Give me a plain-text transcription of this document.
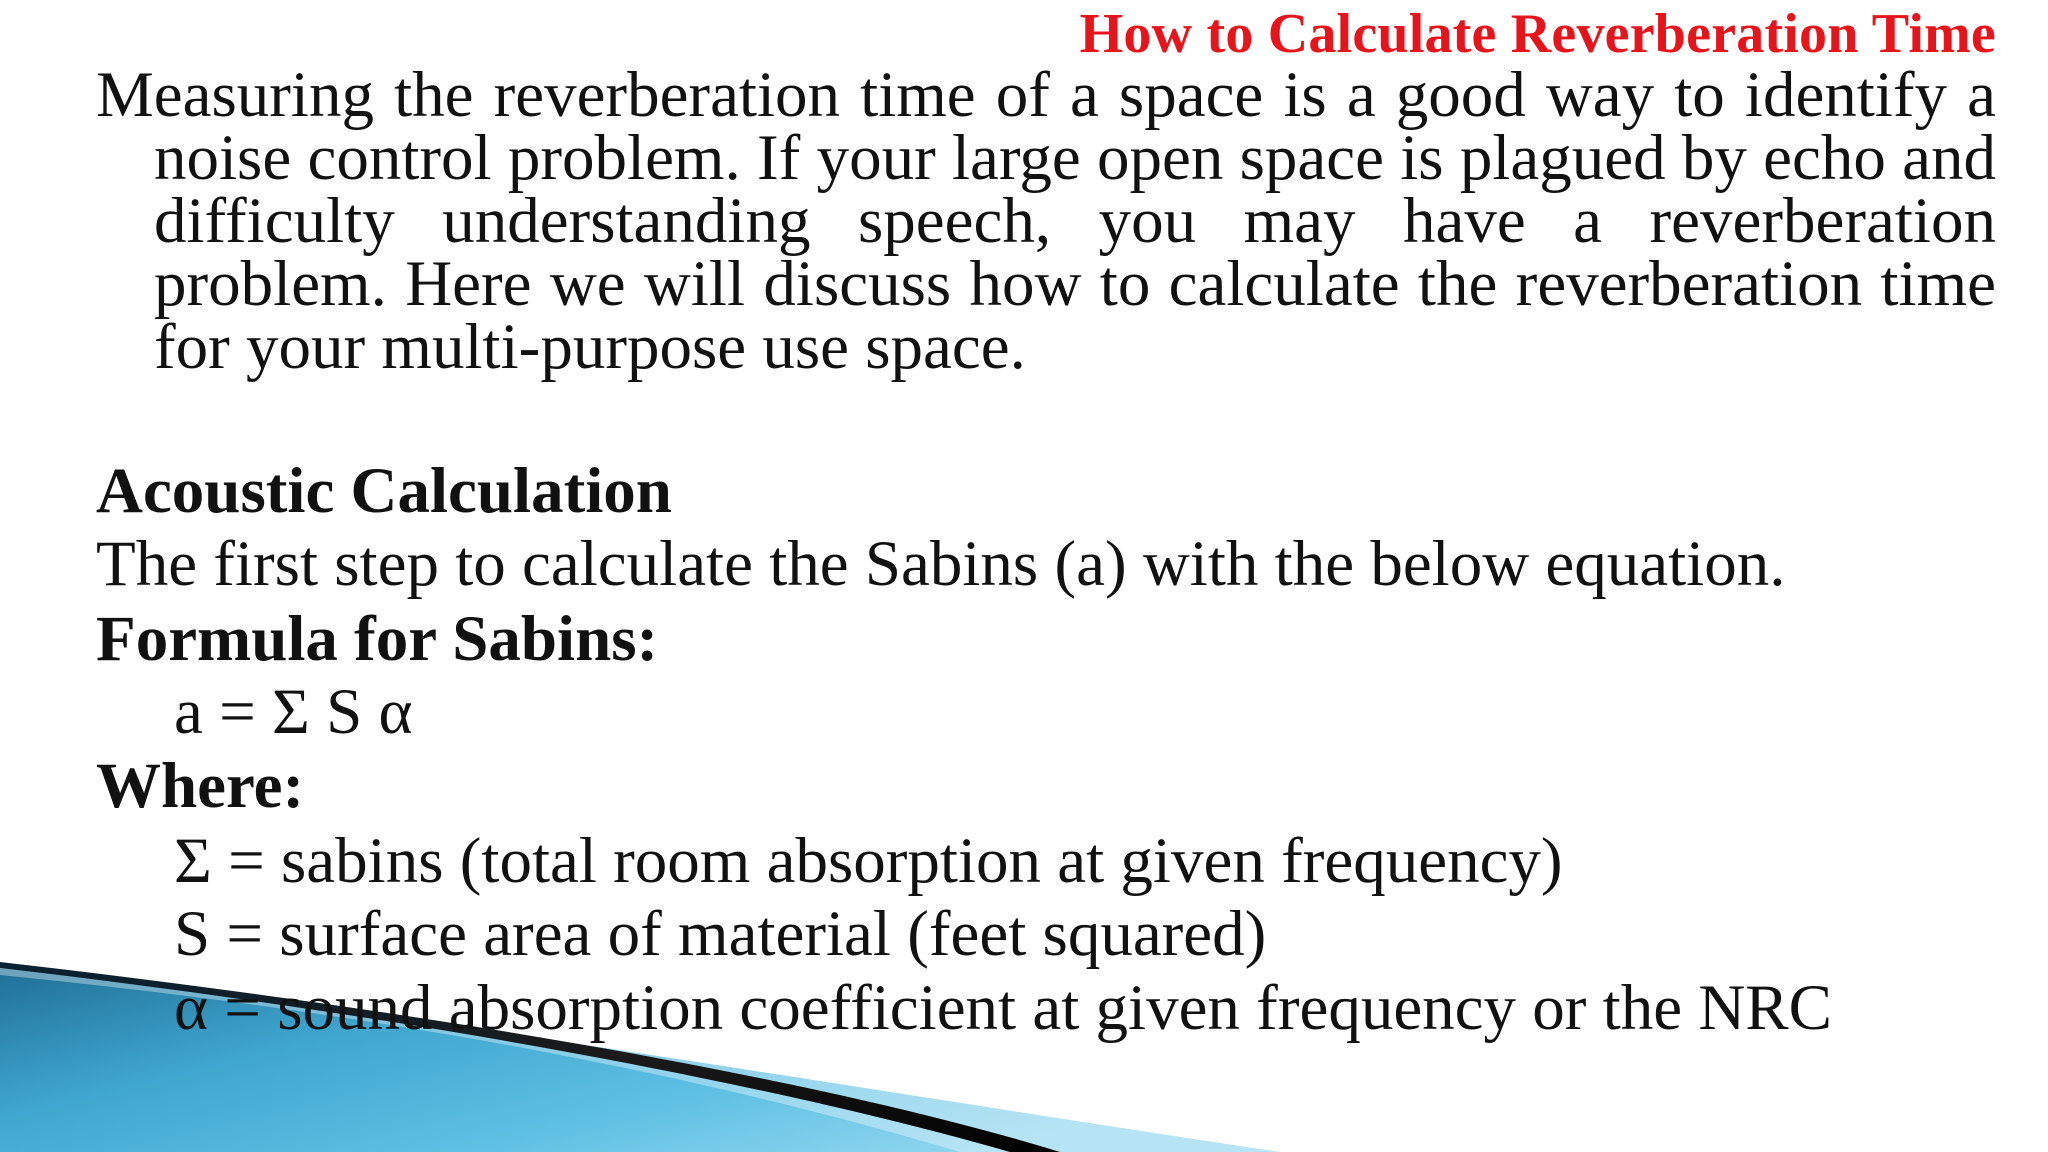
How to Calculate Reverberation Time

Measuring the reverberation time of a space is a good way to identify a noise control problem. If your large open space is plagued by echo and difficulty understanding speech, you may have a reverberation problem. Here we will discuss how to calculate the reverberation time for your multi-purpose use space.

Acoustic Calculation

The first step to calculate the Sabins (a) with the below equation.

Formula for Sabins:

a = Σ S α

Where:

Σ = sabins (total room absorption at given frequency)

S = surface area of material (feet squared)

α = sound absorption coefficient at given frequency or the NRC
